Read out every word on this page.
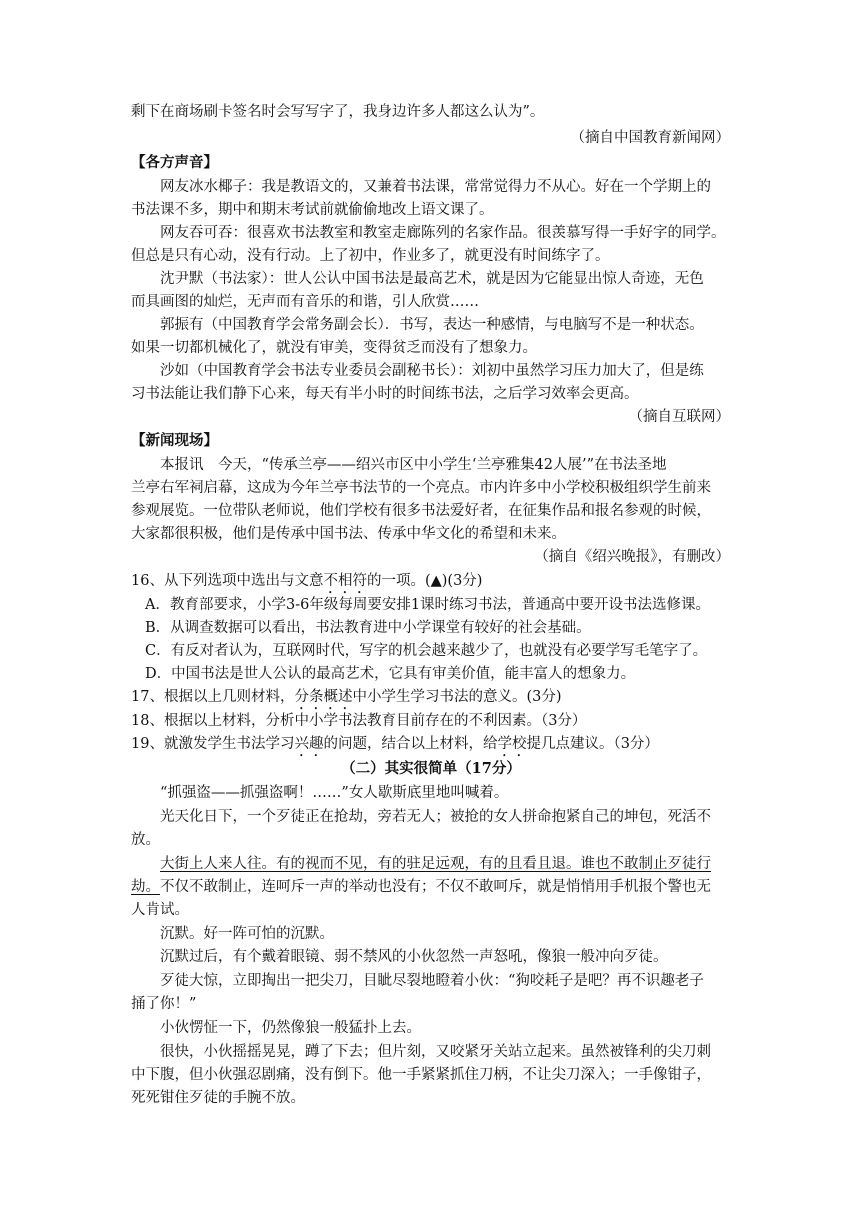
剩下在商场刷卡签名时会写写字了，我身边许多人都这么认为”。
（摘自中国教育新闻网）
【各方声音】
网友冰水椰子：我是教语文的，又兼着书法课，常常觉得力不从心。好在一个学期上的
书法课不多，期中和期末考试前就偷偷地改上语文课了。
网友吞可吞：很喜欢书法教室和教室走廊陈列的名家作品。很羡慕写得一手好字的同学。
但总是只有心动，没有行动。上了初中，作业多了，就更没有时间练字了。
沈尹默（书法家）：世人公认中国书法是最高艺术，就是因为它能显出惊人奇迹，无色
而具画图的灿烂，无声而有音乐的和谐，引人欣赏……
郭振有（中国教育学会常务副会长）．书写，表达一种感情，与电脑写不是一种状态。
如果一切都机械化了，就没有审美，变得贫乏而没有了想象力。
沙如（中国教育学会书法专业委员会副秘书长）：刘初中虽然学习压力加大了，但是练
习书法能让我们静下心来，每天有半小时的时间练书法，之后学习效率会更高。
（摘自互联网）
【新闻现场】
本报讯　今天，“传承兰亭——绍兴市区中小学生‘兰亭雅集42人展’”在书法圣地
兰亭右军祠启幕，这成为今年兰亭书法节的一个亮点。市内许多中小学校积极组织学生前来
参观展览。一位带队老师说，他们学校有很多书法爱好者，在征集作品和报名参观的时候，
大家都很积极，他们是传承中国书法、传承中华文化的希望和未来。
（摘自《绍兴晚报》，有删改）
16、从下列选项中选出与文意不相符的一项。(▲)(3分)
A．教育部要求，小学3-6年级每周要安排1课时练习书法，普通高中要开设书法选修课。
B．从调查数据可以看出，书法教育进中小学课堂有较好的社会基础。
C．有反对者认为，互联网时代，写字的机会越来越少了，也就没有必要学写毛笔字了。
D．中国书法是世人公认的最高艺术，它具有审美价值，能丰富人的想象力。
17、根据以上几则材料，分条概述中小学生学习书法的意义。(3分)
18、根据以上材料，分析中小学书法教育目前存在的不利因素。（3分）
19、就激发学生书法学习兴趣的问题，结合以上材料，给学校提几点建议。（3分）
（二）其实很简单（17分）
“抓强盗——抓强盗啊！……”女人歇斯底里地叫喊着。
光天化日下，一个歹徒正在抢劫，旁若无人；被抢的女人拼命抱紧自己的坤包，死活不
放。
大街上人来人往。有的视而不见，有的驻足远观，有的且看且退。谁也不敢制止歹徒行
劫。不仅不敢制止，连呵斥一声的举动也没有；不仅不敢呵斥，就是悄悄用手机报个警也无
人肯试。
沉默。好一阵可怕的沉默。
沉默过后，有个戴着眼镜、弱不禁风的小伙忽然一声怒吼，像狼一般冲向歹徒。
歹徒大惊，立即掏出一把尖刀，目眦尽裂地瞪着小伙：“狗咬耗子是吧？再不识趣老子
捅了你！”
小伙愣怔一下，仍然像狼一般猛扑上去。
很快，小伙摇摇晃晃，蹲了下去；但片刻，又咬紧牙关站立起来。虽然被锋利的尖刀刺
中下腹，但小伙强忍剧痛，没有倒下。他一手紧紧抓住刀柄，不让尖刀深入；一手像钳子，
死死钳住歹徒的手腕不放。
